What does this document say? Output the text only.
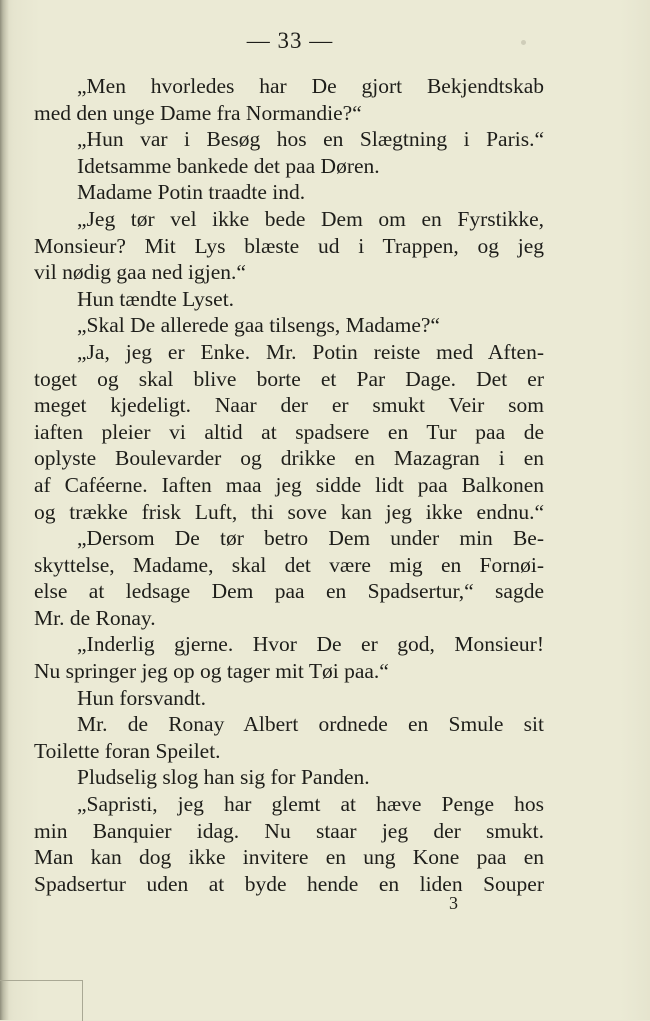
— 33 —
„Men hvorledes har De gjort Bekjendtskab
med den unge Dame fra Normandie?“
„Hun var i Besøg hos en Slægtning i Paris.“
Idetsamme bankede det paa Døren.
Madame Potin traadte ind.
„Jeg tør vel ikke bede Dem om en Fyrstikke,
Monsieur? Mit Lys blæste ud i Trappen, og jeg
vil nødig gaa ned igjen.“
Hun tændte Lyset.
„Skal De allerede gaa tilsengs, Madame?“
„Ja, jeg er Enke. Mr. Potin reiste med Aften-
toget og skal blive borte et Par Dage. Det er
meget kjedeligt. Naar der er smukt Veir som
iaften pleier vi altid at spadsere en Tur paa de
oplyste Boulevarder og drikke en Mazagran i en
af Caféerne. Iaften maa jeg sidde lidt paa Balkonen
og trække frisk Luft, thi sove kan jeg ikke endnu.“
„Dersom De tør betro Dem under min Be-
skyttelse, Madame, skal det være mig en Fornøi-
else at ledsage Dem paa en Spadsertur,“ sagde
Mr. de Ronay.
„Inderlig gjerne. Hvor De er god, Monsieur!
Nu springer jeg op og tager mit Tøi paa.“
Hun forsvandt.
Mr. de Ronay Albert ordnede en Smule sit
Toilette foran Speilet.
Pludselig slog han sig for Panden.
„Sapristi, jeg har glemt at hæve Penge hos
min Banquier idag. Nu staar jeg der smukt.
Man kan dog ikke invitere en ung Kone paa en
Spadsertur uden at byde hende en liden Souper
3
